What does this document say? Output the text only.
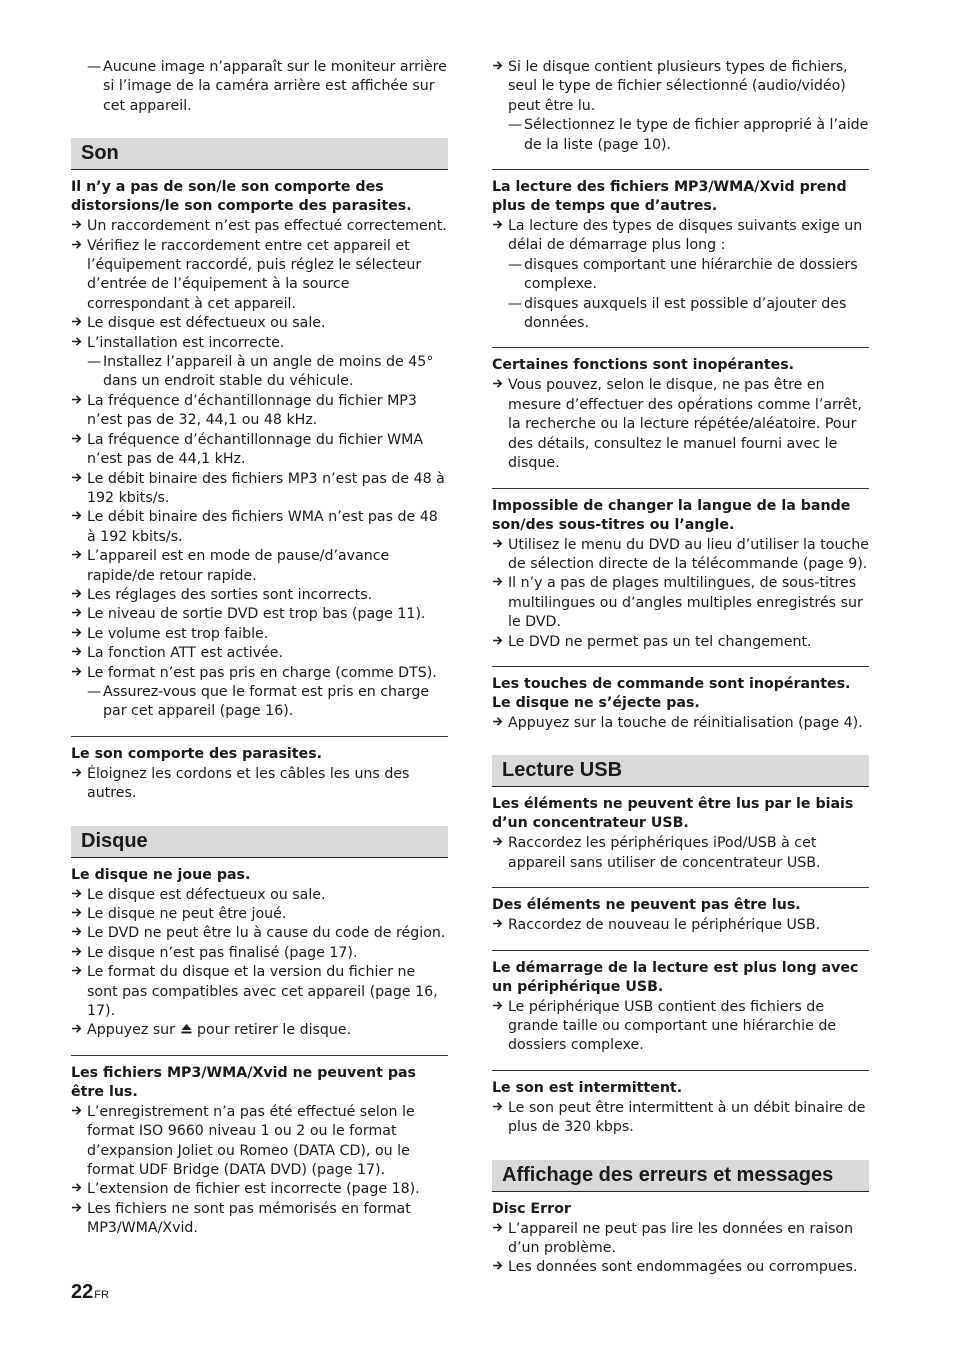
— Aucune image n’apparaît sur le moniteur arrière si l’image de la caméra arrière est affichée sur cet appareil.
Son
Il n’y a pas de son/le son comporte des distorsions/le son comporte des parasites.
Un raccordement n’est pas effectué correctement.
Vérifiez le raccordement entre cet appareil et l’équipement raccordé, puis réglez le sélecteur d’entrée de l’équipement à la source correspondant à cet appareil.
Le disque est défectueux ou sale.
L’installation est incorrecte.
— Installez l’appareil à un angle de moins de 45° dans un endroit stable du véhicule.
La fréquence d’échantillonnage du fichier MP3 n’est pas de 32, 44,1 ou 48 kHz.
La fréquence d’échantillonnage du fichier WMA n’est pas de 44,1 kHz.
Le débit binaire des fichiers MP3 n’est pas de 48 à 192 kbits/s.
Le débit binaire des fichiers WMA n’est pas de 48 à 192 kbits/s.
L’appareil est en mode de pause/d’avance rapide/de retour rapide.
Les réglages des sorties sont incorrects.
Le niveau de sortie DVD est trop bas (page 11).
Le volume est trop faible.
La fonction ATT est activée.
Le format n’est pas pris en charge (comme DTS).
— Assurez-vous que le format est pris en charge par cet appareil (page 16).
Le son comporte des parasites.
Éloignez les cordons et les câbles les uns des autres.
Disque
Le disque ne joue pas.
Le disque est défectueux ou sale.
Le disque ne peut être joué.
Le DVD ne peut être lu à cause du code de région.
Le disque n’est pas finalisé (page 17).
Le format du disque et la version du fichier ne sont pas compatibles avec cet appareil (page 16, 17).
Appuyez sur  pour retirer le disque.
Les fichiers MP3/WMA/Xvid ne peuvent pas être lus.
L’enregistrement n’a pas été effectué selon le format ISO 9660 niveau 1 ou 2 ou le format d’expansion Joliet ou Romeo (DATA CD), ou le format UDF Bridge (DATA DVD) (page 17).
L’extension de fichier est incorrecte (page 18).
Les fichiers ne sont pas mémorisés en format MP3/WMA/Xvid.
Si le disque contient plusieurs types de fichiers, seul le type de fichier sélectionné (audio/vidéo) peut être lu.
— Sélectionnez le type de fichier approprié à l’aide de la liste (page 10).
La lecture des fichiers MP3/WMA/Xvid prend plus de temps que d’autres.
La lecture des types de disques suivants exige un délai de démarrage plus long :
— disques comportant une hiérarchie de dossiers complexe.
— disques auxquels il est possible d’ajouter des données.
Certaines fonctions sont inopérantes.
Vous pouvez, selon le disque, ne pas être en mesure d’effectuer des opérations comme l’arrêt, la recherche ou la lecture répétée/aléatoire. Pour des détails, consultez le manuel fourni avec le disque.
Impossible de changer la langue de la bande son/des sous-titres ou l’angle.
Utilisez le menu du DVD au lieu d’utiliser la touche de sélection directe de la télécommande (page 9).
Il n’y a pas de plages multilingues, de sous-titres multilingues ou d’angles multiples enregistrés sur le DVD.
Le DVD ne permet pas un tel changement.
Les touches de commande sont inopérantes. Le disque ne s’éjecte pas.
Appuyez sur la touche de réinitialisation (page 4).
Lecture USB
Les éléments ne peuvent être lus par le biais d’un concentrateur USB.
Raccordez les périphériques iPod/USB à cet appareil sans utiliser de concentrateur USB.
Des éléments ne peuvent pas être lus.
Raccordez de nouveau le périphérique USB.
Le démarrage de la lecture est plus long avec un périphérique USB.
Le périphérique USB contient des fichiers de grande taille ou comportant une hiérarchie de dossiers complexe.
Le son est intermittent.
Le son peut être intermittent à un débit binaire de plus de 320 kbps.
Affichage des erreurs et messages
Disc Error
L’appareil ne peut pas lire les données en raison d’un problème.
Les données sont endommagées ou corrompues.
22FR
